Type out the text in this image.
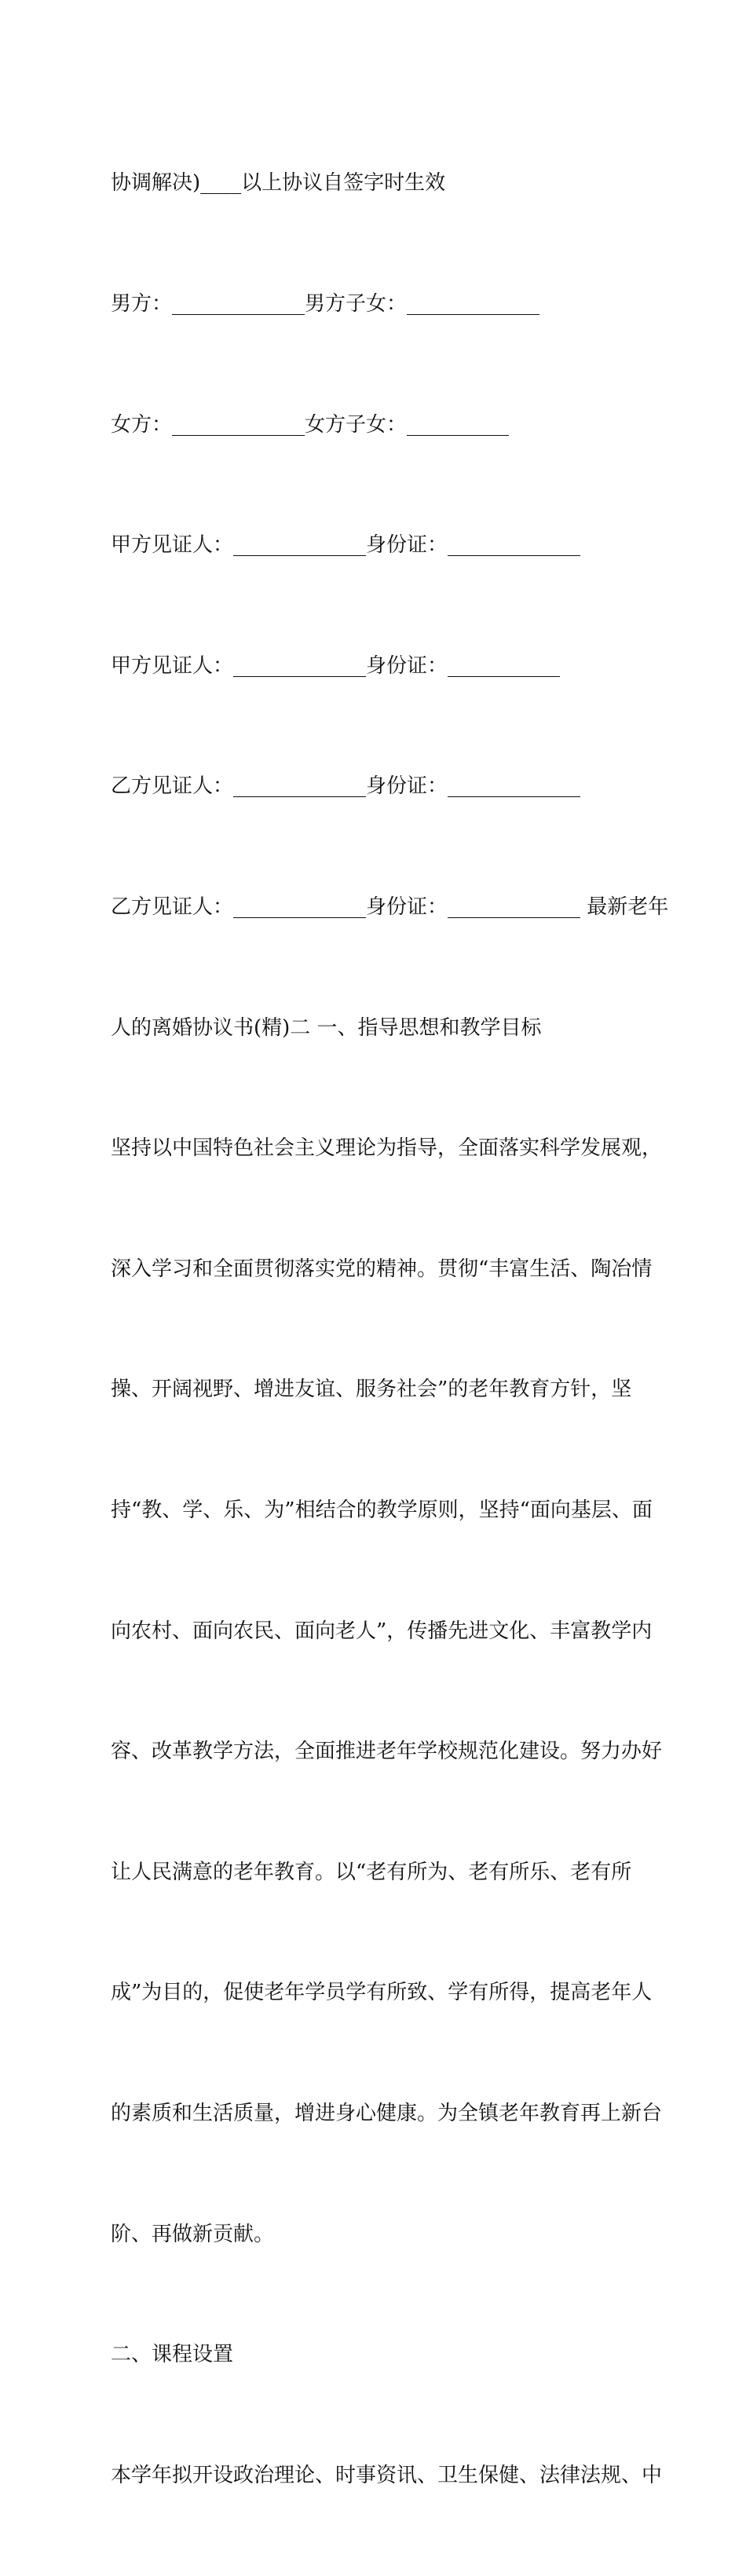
协调解决)____以上协议自签字时生效

男方：_____________男方子女：_____________

女方：_____________女方子女：__________

甲方见证人：_____________身份证：_____________

甲方见证人：_____________身份证：___________

乙方见证人：_____________身份证：_____________

乙方见证人：_____________身份证：_____________ 最新老年

人的离婚协议书(精)二 一、指导思想和教学目标

坚持以中国特色社会主义理论为指导，全面落实科学发展观，

深入学习和全面贯彻落实党的精神。贯彻“丰富生活、陶冶情

操、开阔视野、增进友谊、服务社会”的老年教育方针，坚

持“教、学、乐、为”相结合的教学原则，坚持“面向基层、面

向农村、面向农民、面向老人”，传播先进文化、丰富教学内

容、改革教学方法，全面推进老年学校规范化建设。努力办好

让人民满意的老年教育。以“老有所为、老有所乐、老有所

成”为目的，促使老年学员学有所致、学有所得，提高老年人

的素质和生活质量，增进身心健康。为全镇老年教育再上新台

阶、再做新贡献。

二、课程设置

本学年拟开设政治理论、时事资讯、卫生保健、法律法规、中
